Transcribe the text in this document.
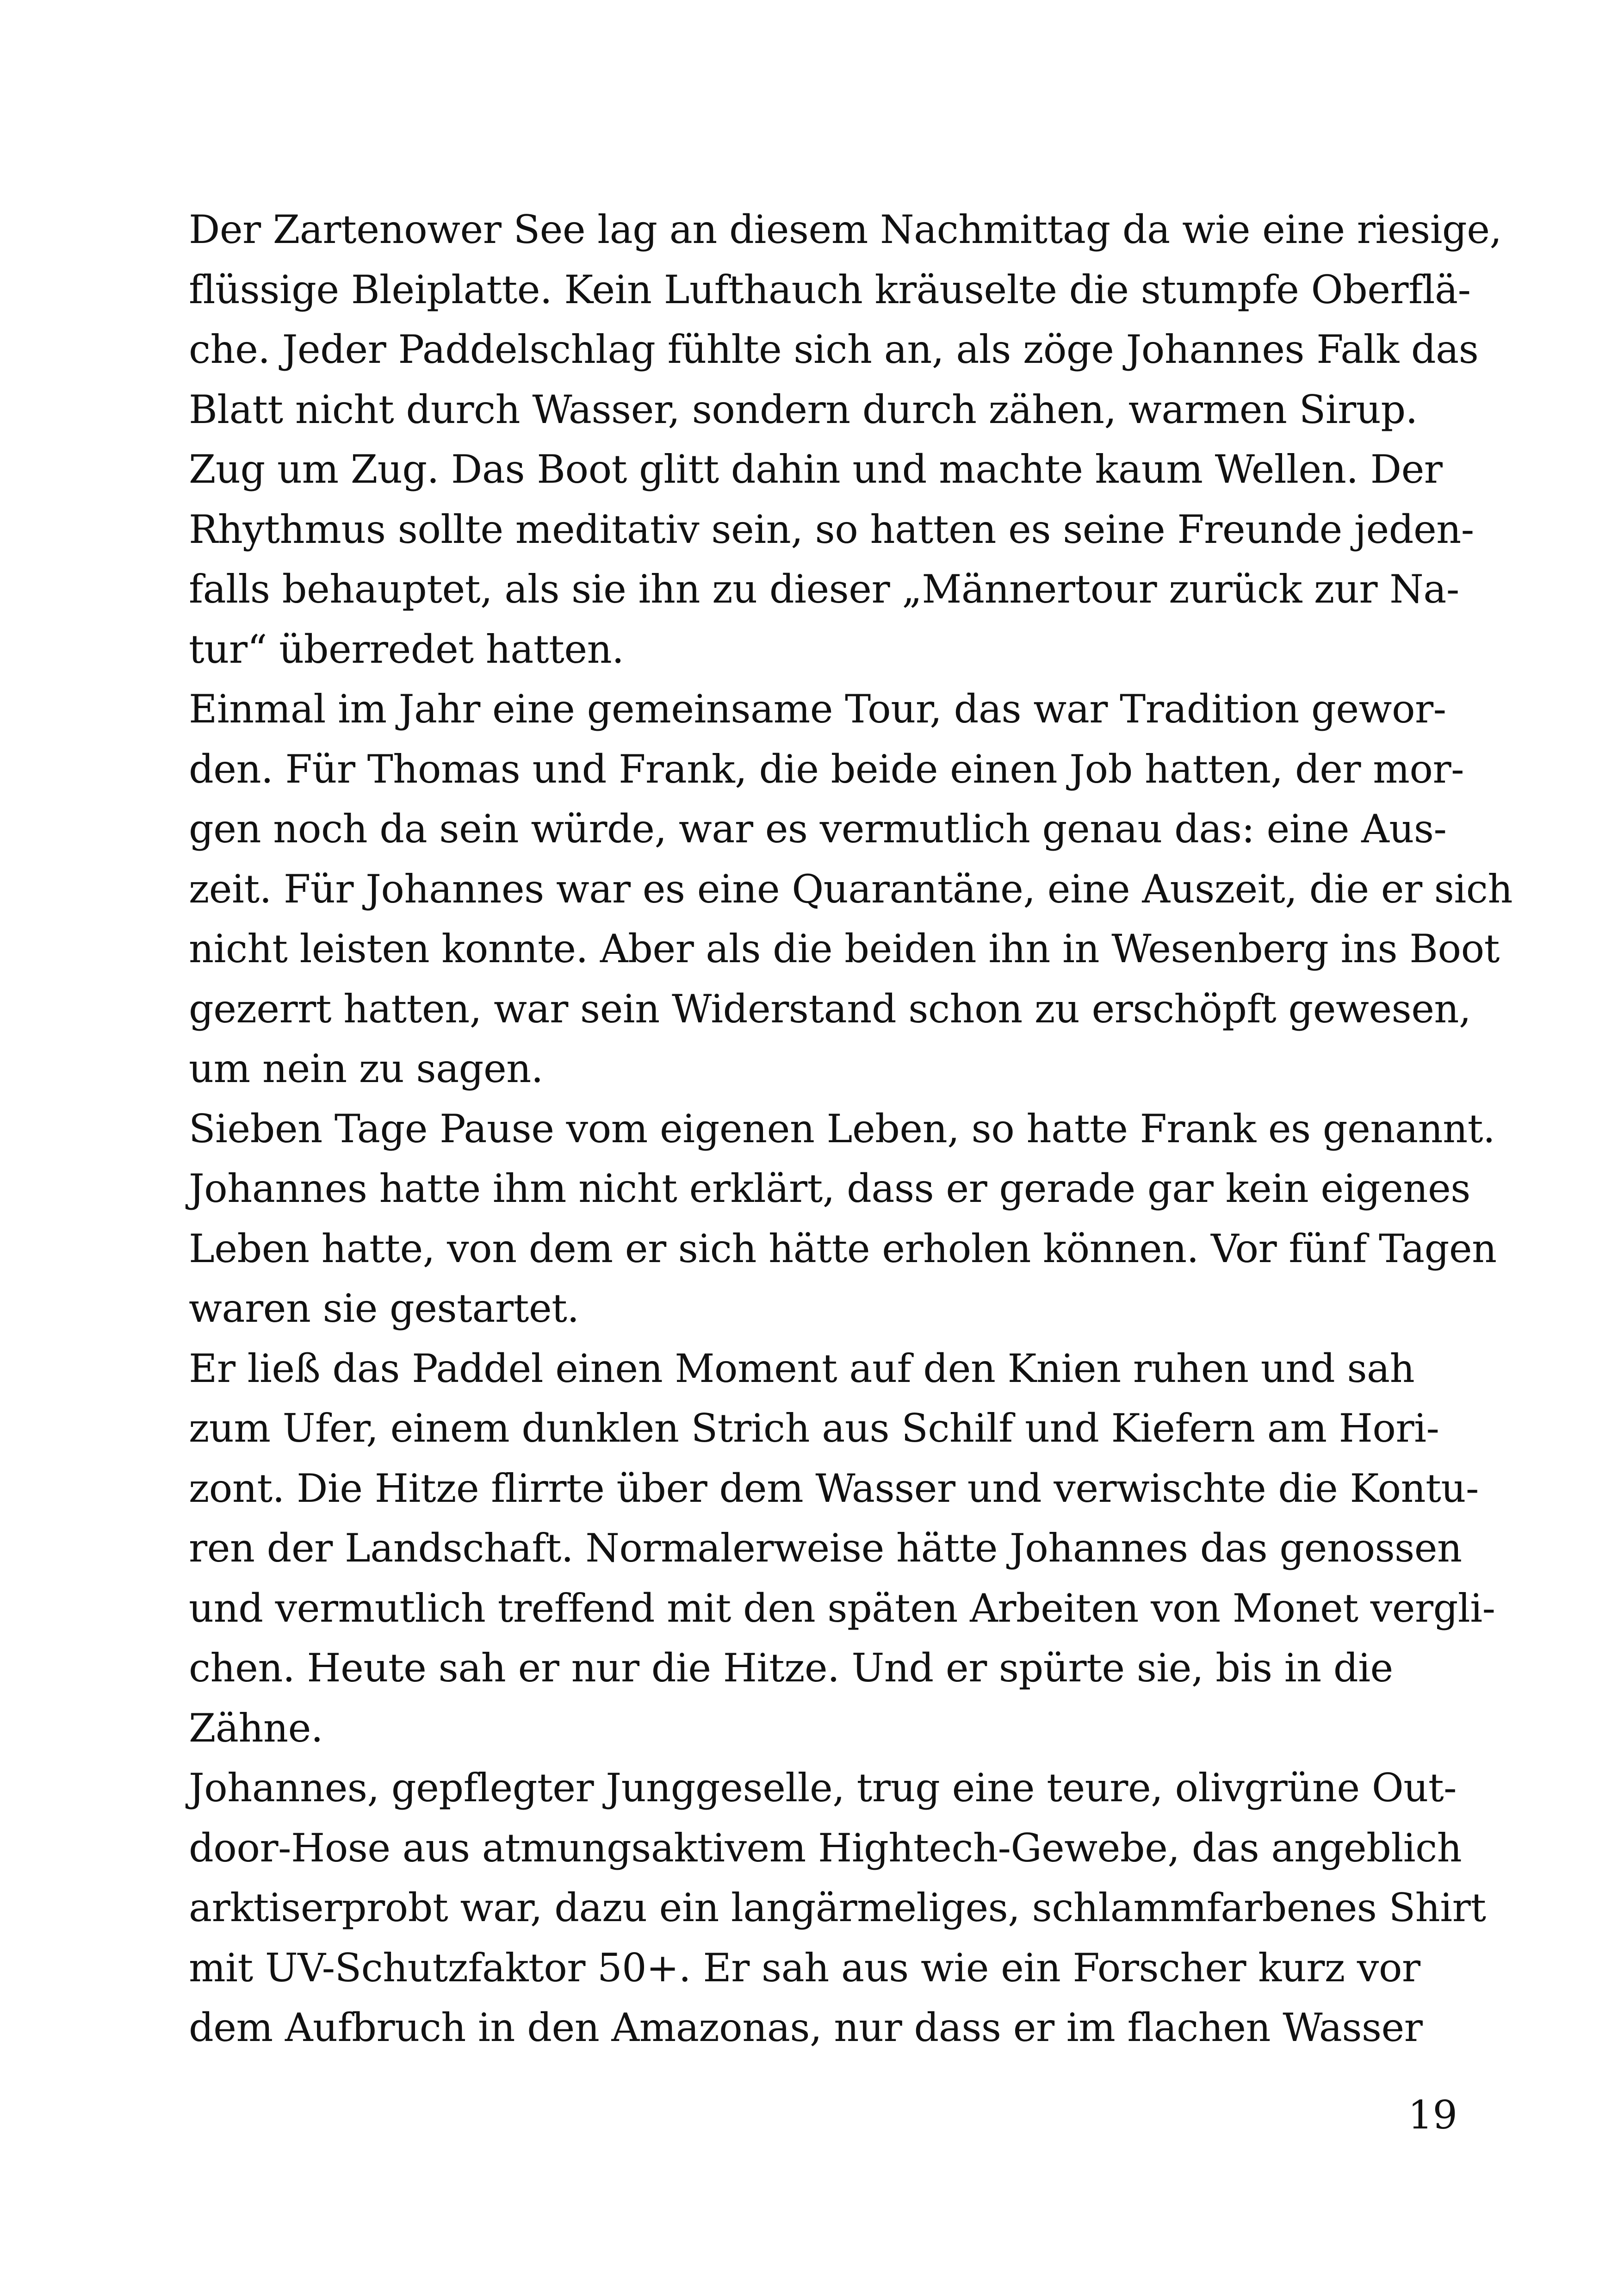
Der Zartenower See lag an diesem Nachmittag da wie eine riesige,
flüssige Bleiplatte. Kein Lufthauch kräuselte die stumpfe Oberflä-
che. Jeder Paddelschlag fühlte sich an, als zöge Johannes Falk das
Blatt nicht durch Wasser, sondern durch zähen, warmen Sirup.
Zug um Zug. Das Boot glitt dahin und machte kaum Wellen. Der
Rhythmus sollte meditativ sein, so hatten es seine Freunde jeden-
falls behauptet, als sie ihn zu dieser „Männertour zurück zur Na-
tur“ überredet hatten.
Einmal im Jahr eine gemeinsame Tour, das war Tradition gewor-
den. Für Thomas und Frank, die beide einen Job hatten, der mor-
gen noch da sein würde, war es vermutlich genau das: eine Aus-
zeit. Für Johannes war es eine Quarantäne, eine Auszeit, die er sich
nicht leisten konnte. Aber als die beiden ihn in Wesenberg ins Boot
gezerrt hatten, war sein Widerstand schon zu erschöpft gewesen,
um nein zu sagen.
Sieben Tage Pause vom eigenen Leben, so hatte Frank es genannt.
Johannes hatte ihm nicht erklärt, dass er gerade gar kein eigenes
Leben hatte, von dem er sich hätte erholen können. Vor fünf Tagen
waren sie gestartet.
Er ließ das Paddel einen Moment auf den Knien ruhen und sah
zum Ufer, einem dunklen Strich aus Schilf und Kiefern am Hori-
zont. Die Hitze flirrte über dem Wasser und verwischte die Kontu-
ren der Landschaft. Normalerweise hätte Johannes das genossen
und vermutlich treffend mit den späten Arbeiten von Monet vergli-
chen. Heute sah er nur die Hitze. Und er spürte sie, bis in die
Zähne.
Johannes, gepflegter Junggeselle, trug eine teure, olivgrüne Out-
door-Hose aus atmungsaktivem Hightech-Gewebe, das angeblich
arktiserprobt war, dazu ein langärmeliges, schlammfarbenes Shirt
mit UV-Schutzfaktor 50+. Er sah aus wie ein Forscher kurz vor
dem Aufbruch in den Amazonas, nur dass er im flachen Wasser
19
